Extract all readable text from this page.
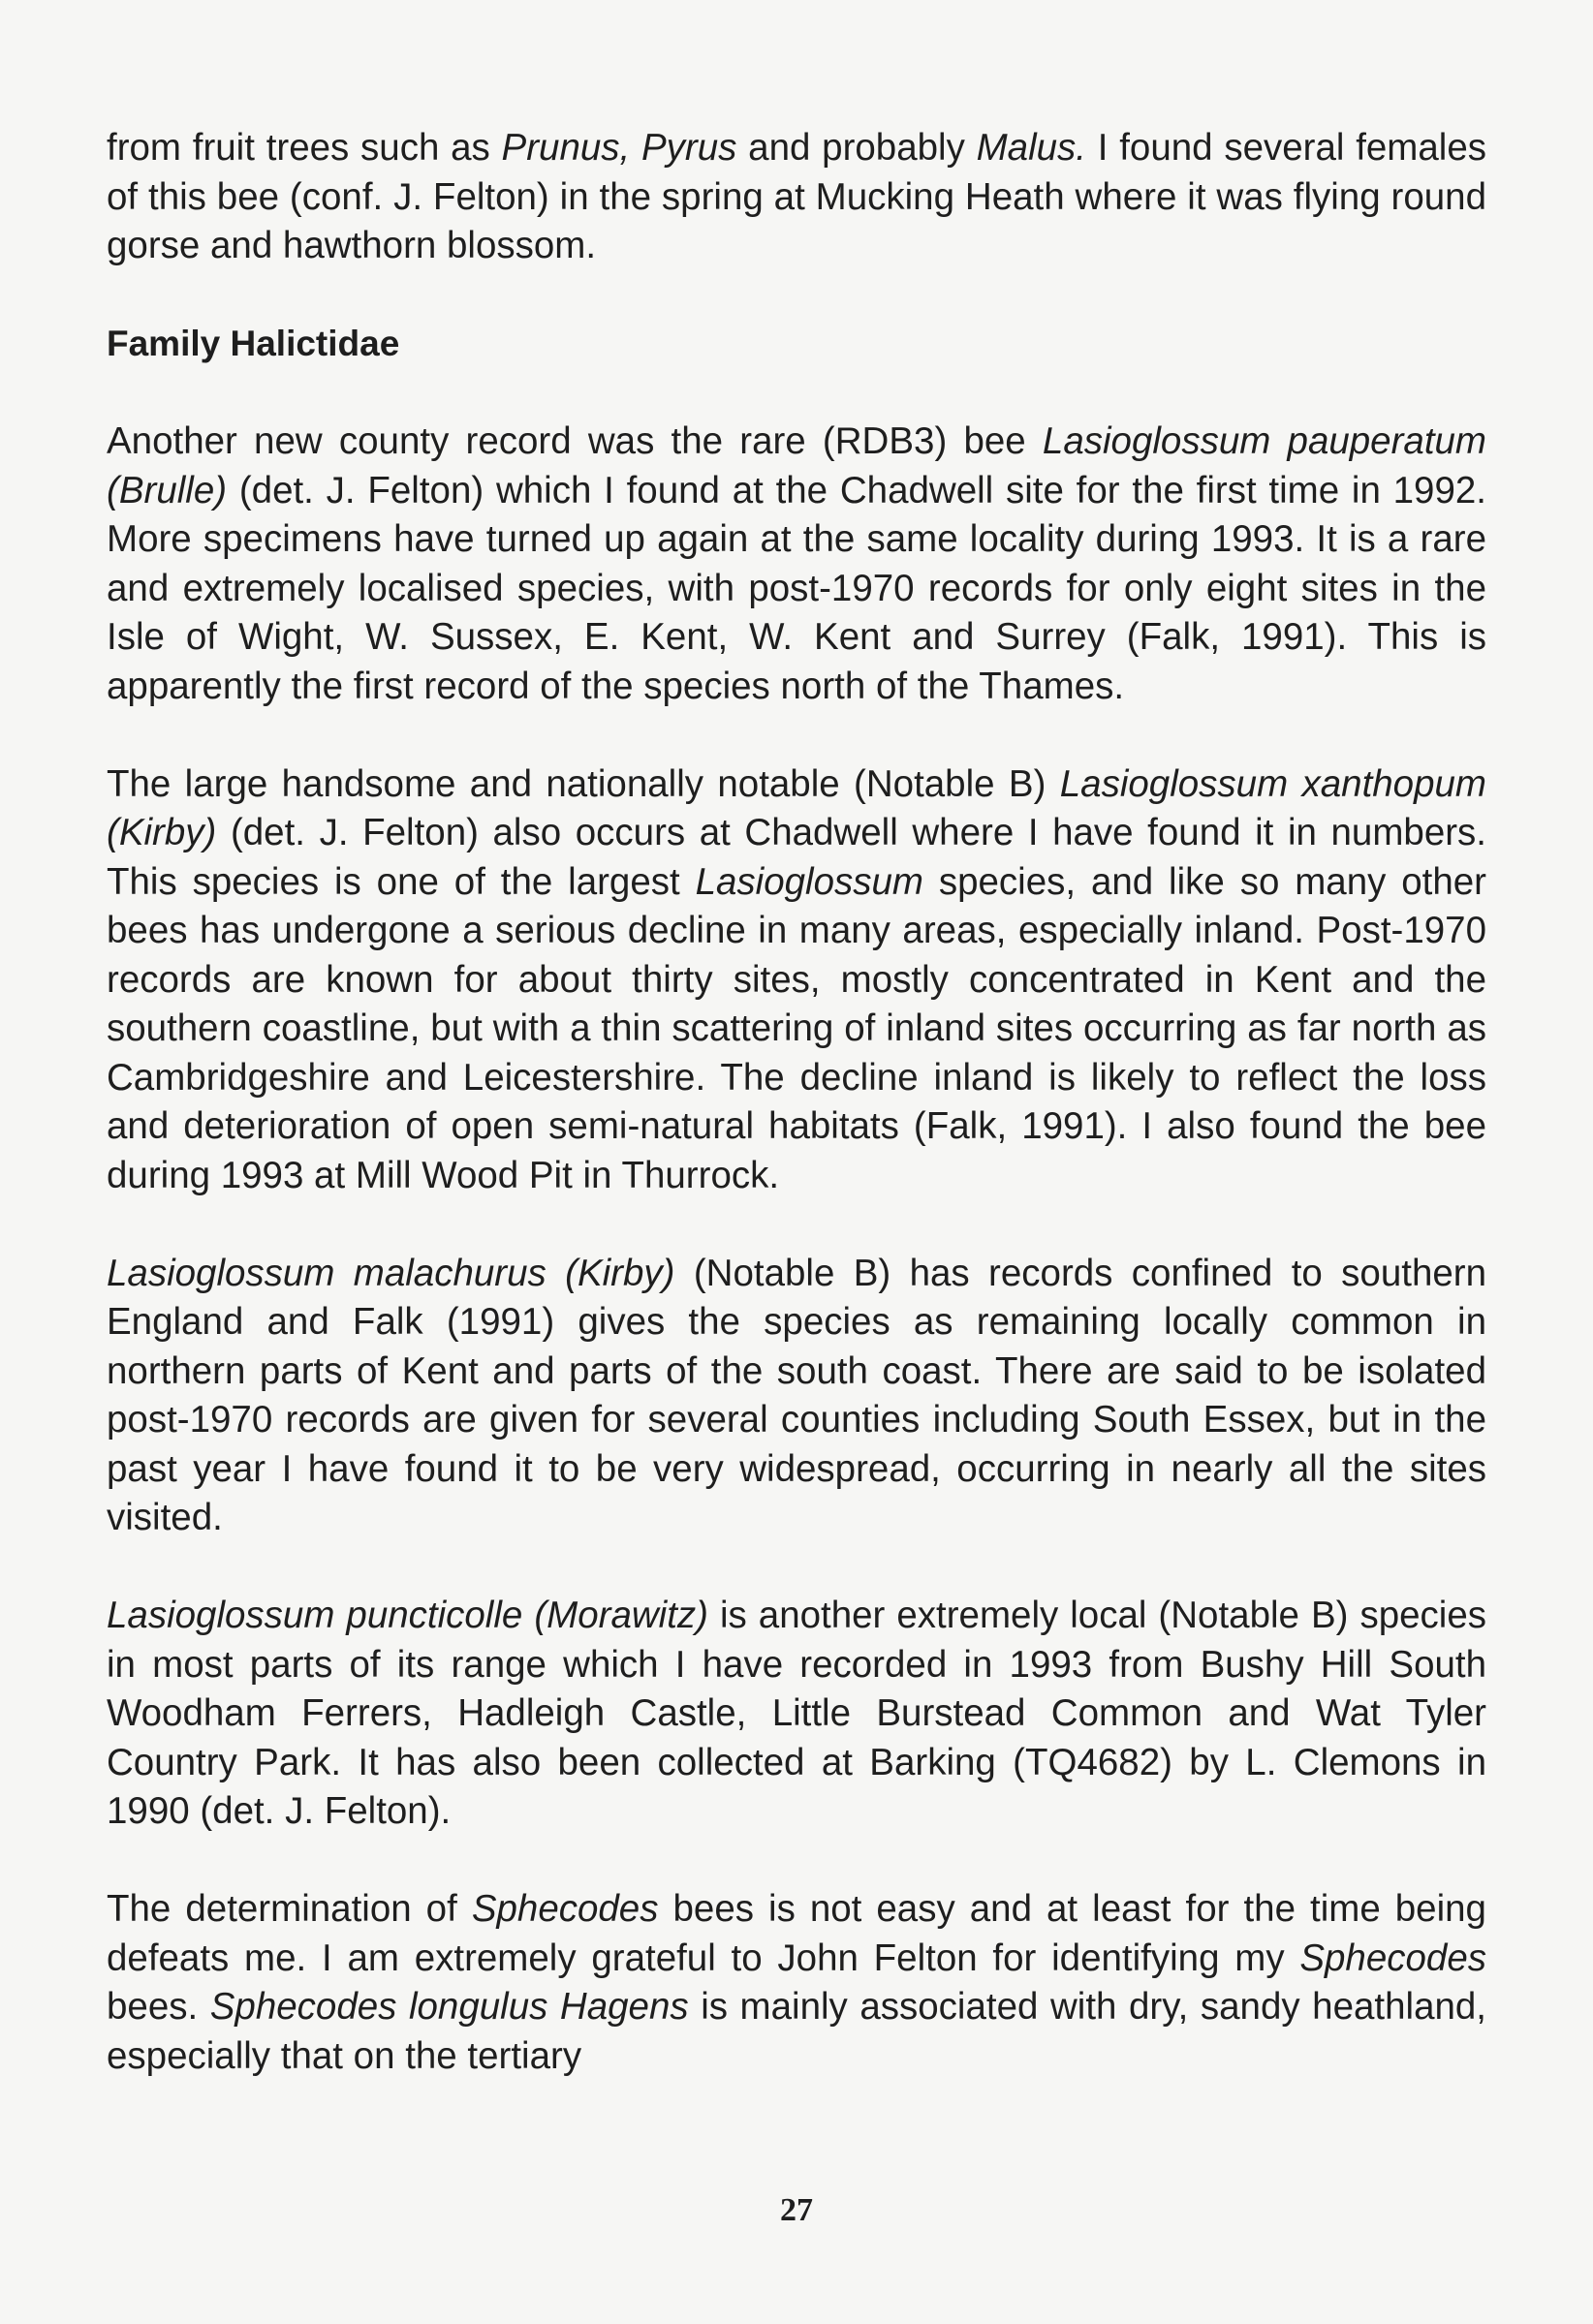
from fruit trees such as Prunus, Pyrus and probably Malus. I found several females of this bee (conf. J. Felton) in the spring at Mucking Heath where it was flying round gorse and hawthorn blossom.

Family Halictidae

Another new county record was the rare (RDB3) bee Lasioglossum pauperatum (Brulle) (det. J. Felton) which I found at the Chadwell site for the first time in 1992. More specimens have turned up again at the same locality during 1993. It is a rare and extremely localised species, with post-1970 records for only eight sites in the Isle of Wight, W. Sussex, E. Kent, W. Kent and Surrey (Falk, 1991). This is apparently the first record of the species north of the Thames.

The large handsome and nationally notable (Notable B) Lasioglossum xanthopum (Kirby) (det. J. Felton) also occurs at Chadwell where I have found it in numbers. This species is one of the largest Lasioglossum species, and like so many other bees has undergone a serious decline in many areas, especially inland. Post-1970 records are known for about thirty sites, mostly concentrated in Kent and the southern coastline, but with a thin scattering of inland sites occurring as far north as Cambridgeshire and Leicestershire. The decline inland is likely to reflect the loss and deterioration of open semi-natural habitats (Falk, 1991). I also found the bee during 1993 at Mill Wood Pit in Thurrock.

Lasioglossum malachurus (Kirby) (Notable B) has records confined to southern England and Falk (1991) gives the species as remaining locally common in northern parts of Kent and parts of the south coast. There are said to be isolated post-1970 records are given for several counties including South Essex, but in the past year I have found it to be very widespread, occurring in nearly all the sites visited.

Lasioglossum puncticolle (Morawitz) is another extremely local (Notable B) species in most parts of its range which I have recorded in 1993 from Bushy Hill South Woodham Ferrers, Hadleigh Castle, Little Burstead Common and Wat Tyler Country Park. It has also been collected at Barking (TQ4682) by L. Clemons in 1990 (det. J. Felton).

The determination of Sphecodes bees is not easy and at least for the time being defeats me. I am extremely grateful to John Felton for identifying my Sphecodes bees. Sphecodes longulus Hagens is mainly associated with dry, sandy heathland, especially that on the tertiary

27
